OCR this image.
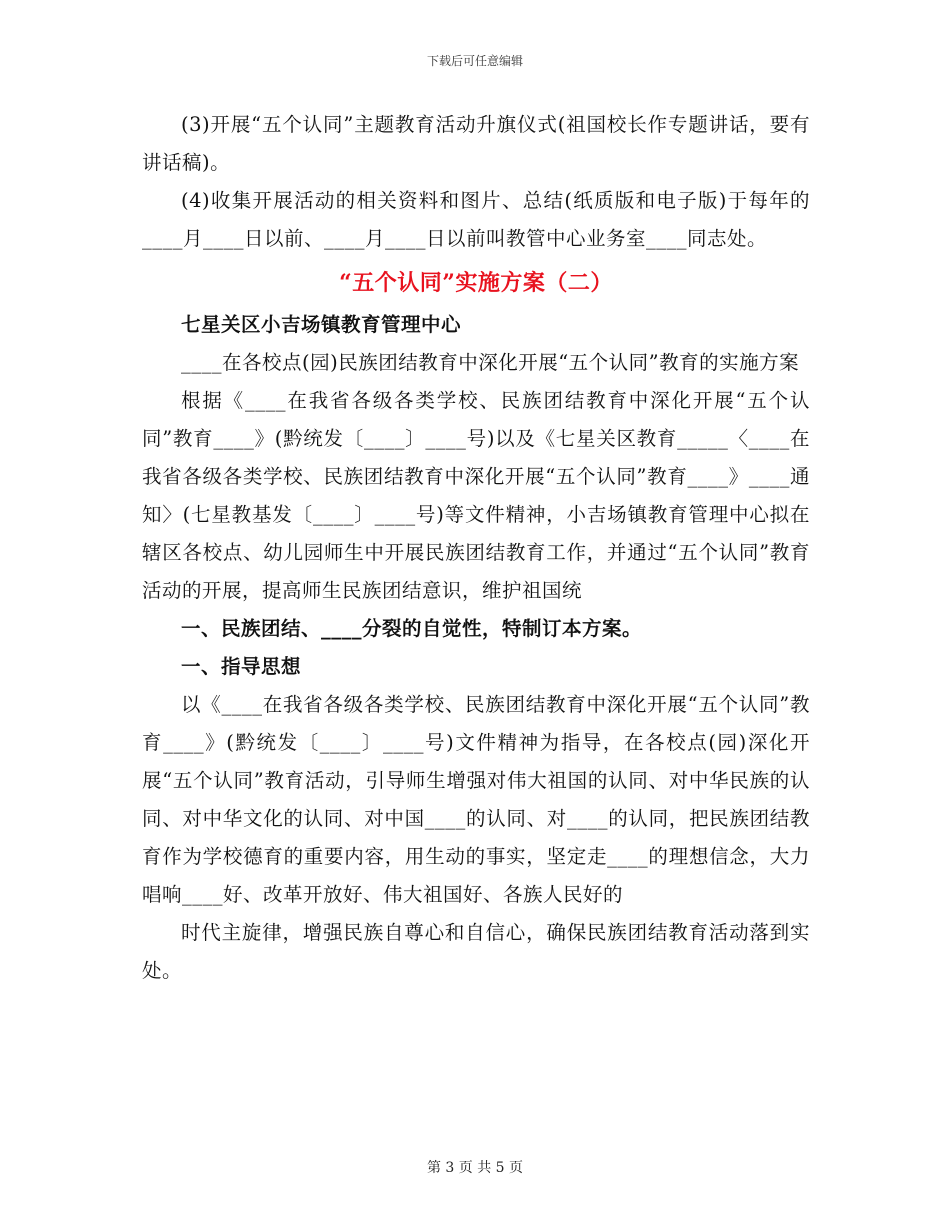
下载后可任意编辑

(3)开展“五个认同”主题教育活动升旗仪式(祖国校长作专题讲话，要有讲话稿)。

(4)收集开展活动的相关资料和图片、总结(纸质版和电子版)于每年的____月____日以前、____月____日以前叫教管中心业务室____同志处。

“五个认同”实施方案（二）

七星关区小吉场镇教育管理中心

____在各校点(园)民族团结教育中深化开展“五个认同”教育的实施方案

根据《____在我省各级各类学校、民族团结教育中深化开展“五个认同”教育____》(黔统发〔____〕____号)以及《七星关区教育_____〈____在我省各级各类学校、民族团结教育中深化开展“五个认同”教育____》____通知〉(七星教基发〔____〕____号)等文件精神，小吉场镇教育管理中心拟在辖区各校点、幼儿园师生中开展民族团结教育工作，并通过“五个认同”教育活动的开展，提高师生民族团结意识，维护祖国统

一、民族团结、____分裂的自觉性，特制订本方案。

一、指导思想

以《____在我省各级各类学校、民族团结教育中深化开展“五个认同”教育____》(黔统发〔____〕____号)文件精神为指导，在各校点(园)深化开展“五个认同”教育活动，引导师生增强对伟大祖国的认同、对中华民族的认同、对中华文化的认同、对中国____的认同、对____的认同，把民族团结教育作为学校德育的重要内容，用生动的事实，坚定走____的理想信念，大力唱响____好、改革开放好、伟大祖国好、各族人民好的

时代主旋律，增强民族自尊心和自信心，确保民族团结教育活动落到实处。

第 3 页 共 5 页
